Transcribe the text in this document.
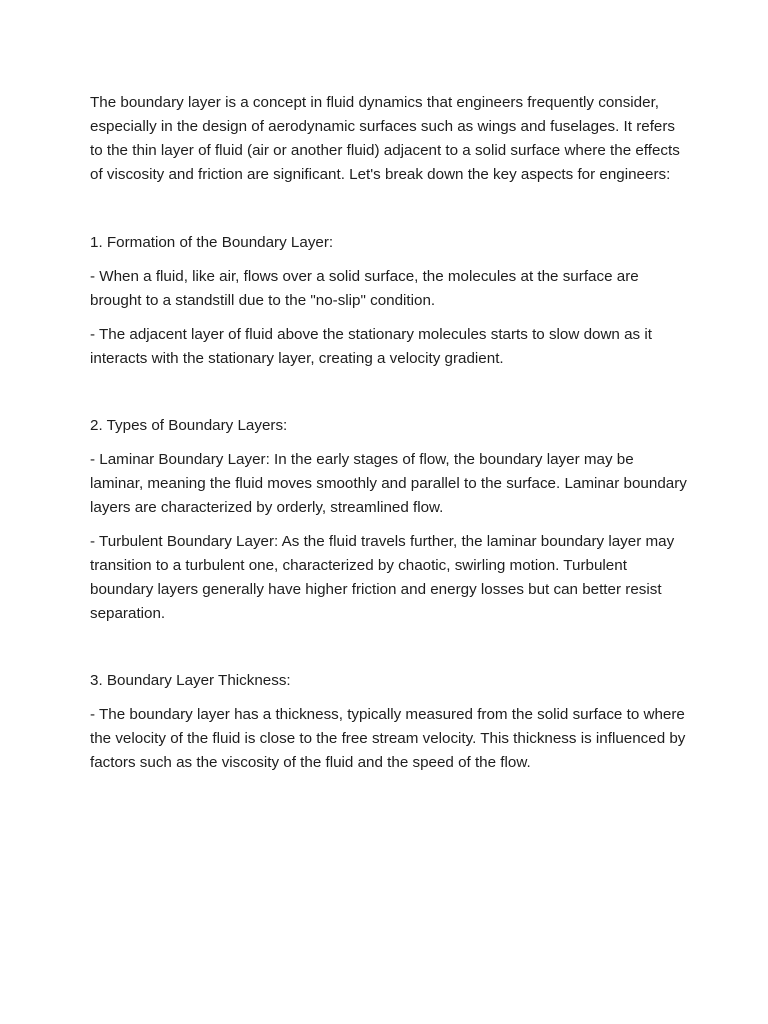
The boundary layer is a concept in fluid dynamics that engineers frequently consider, especially in the design of aerodynamic surfaces such as wings and fuselages. It refers to the thin layer of fluid (air or another fluid) adjacent to a solid surface where the effects of viscosity and friction are significant. Let's break down the key aspects for engineers:

1. Formation of the Boundary Layer:

- When a fluid, like air, flows over a solid surface, the molecules at the surface are brought to a standstill due to the "no-slip" condition.

- The adjacent layer of fluid above the stationary molecules starts to slow down as it interacts with the stationary layer, creating a velocity gradient.

2. Types of Boundary Layers:

- Laminar Boundary Layer: In the early stages of flow, the boundary layer may be laminar, meaning the fluid moves smoothly and parallel to the surface. Laminar boundary layers are characterized by orderly, streamlined flow.

- Turbulent Boundary Layer: As the fluid travels further, the laminar boundary layer may transition to a turbulent one, characterized by chaotic, swirling motion. Turbulent boundary layers generally have higher friction and energy losses but can better resist separation.

3. Boundary Layer Thickness:

- The boundary layer has a thickness, typically measured from the solid surface to where the velocity of the fluid is close to the free stream velocity. This thickness is influenced by factors such as the viscosity of the fluid and the speed of the flow.
